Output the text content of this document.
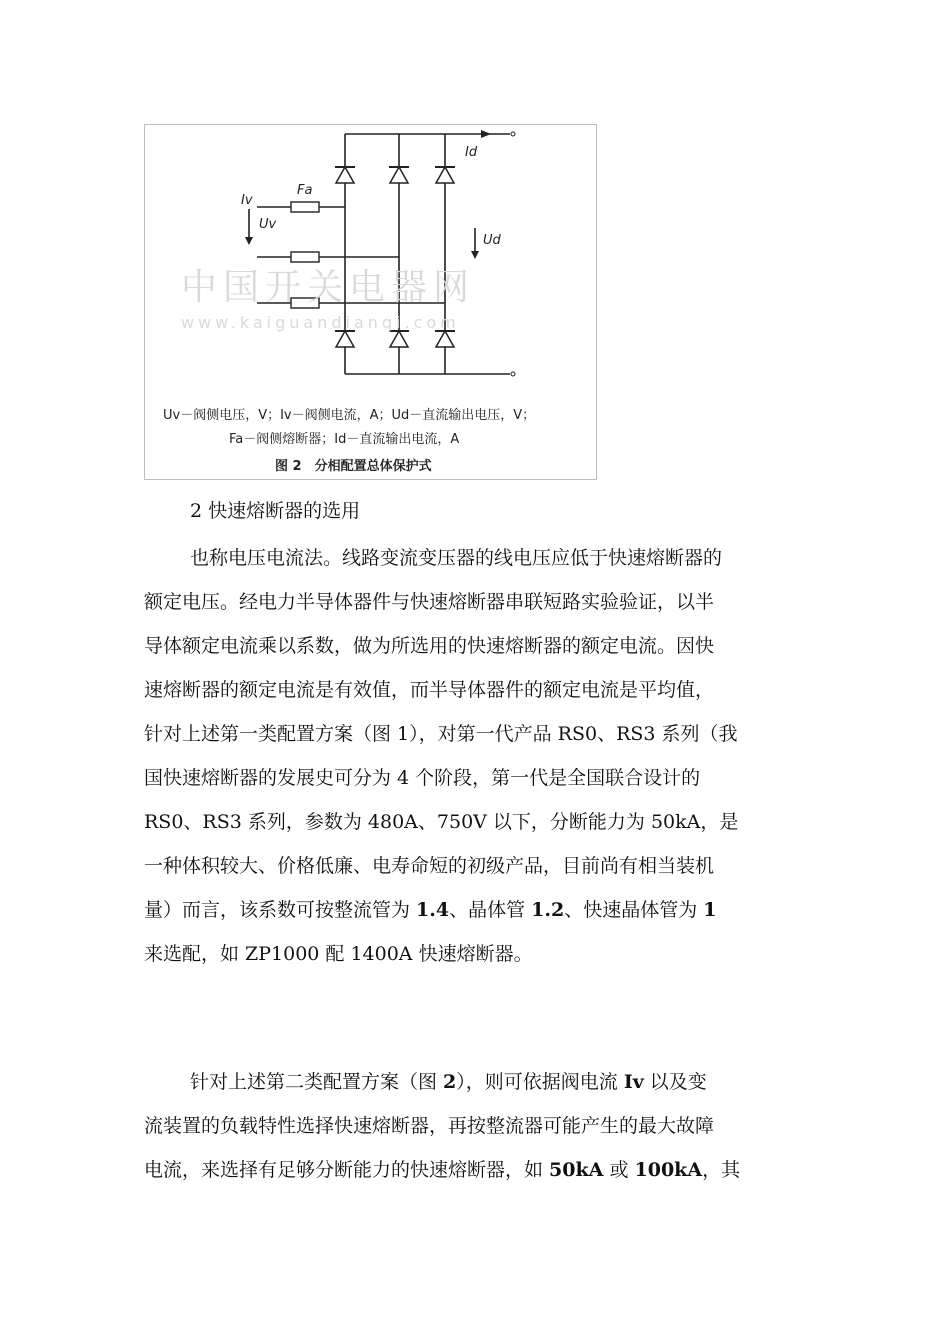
Iv
Fa
Uv
Id
Ud
中国开关电器网
www.kaiguandianqi.com
Uv－阀侧电压，V；Iv－阀侧电流，A；Ud－直流输出电压，V；
Fa－阀侧熔断器；Id－直流输出电流，A
图 2　分相配置总体保护式
2 快速熔断器的选用
也称电压电流法。线路变流变压器的线电压应低于快速熔断器的
额定电压。经电力半导体器件与快速熔断器串联短路实验验证，以半
导体额定电流乘以系数，做为所选用的快速熔断器的额定电流。因快
速熔断器的额定电流是有效值，而半导体器件的额定电流是平均值，
针对上述第一类配置方案（图 1），对第一代产品 RS0、RS3 系列（我
国快速熔断器的发展史可分为 4 个阶段，第一代是全国联合设计的
RS0、RS3 系列，参数为 480A、750V 以下，分断能力为 50kA，是
一种体积较大、价格低廉、电寿命短的初级产品，目前尚有相当装机
量）而言，该系数可按整流管为 1.4、晶体管 1.2、快速晶体管为 1
来选配，如 ZP1000 配 1400A 快速熔断器。
针对上述第二类配置方案（图 2），则可依据阀电流 Iv 以及变
流装置的负载特性选择快速熔断器，再按整流器可能产生的最大故障
电流，来选择有足够分断能力的快速熔断器，如 50kA 或 100kA，其
